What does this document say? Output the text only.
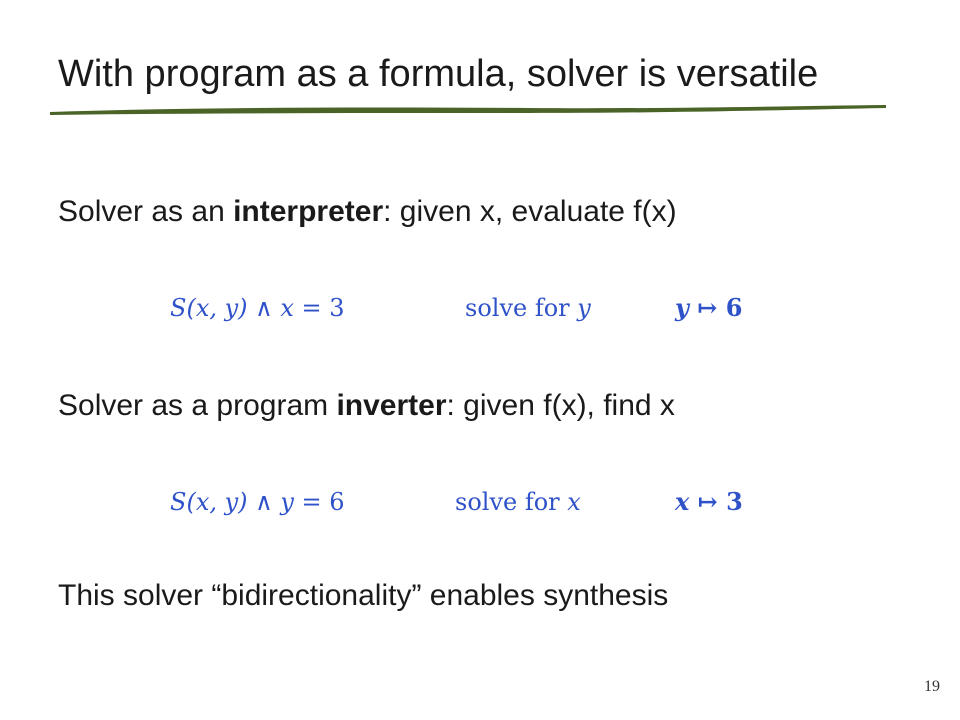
With program as a formula, solver is versatile
Solver as an interpreter: given x, evaluate f(x)
S(x, y) ∧ x = 3	solve for y	y ↦ 6
Solver as a program inverter: given f(x), find x
S(x, y) ∧ y = 6	solve for x	x ↦ 3
This solver “bidirectionality” enables synthesis
19
